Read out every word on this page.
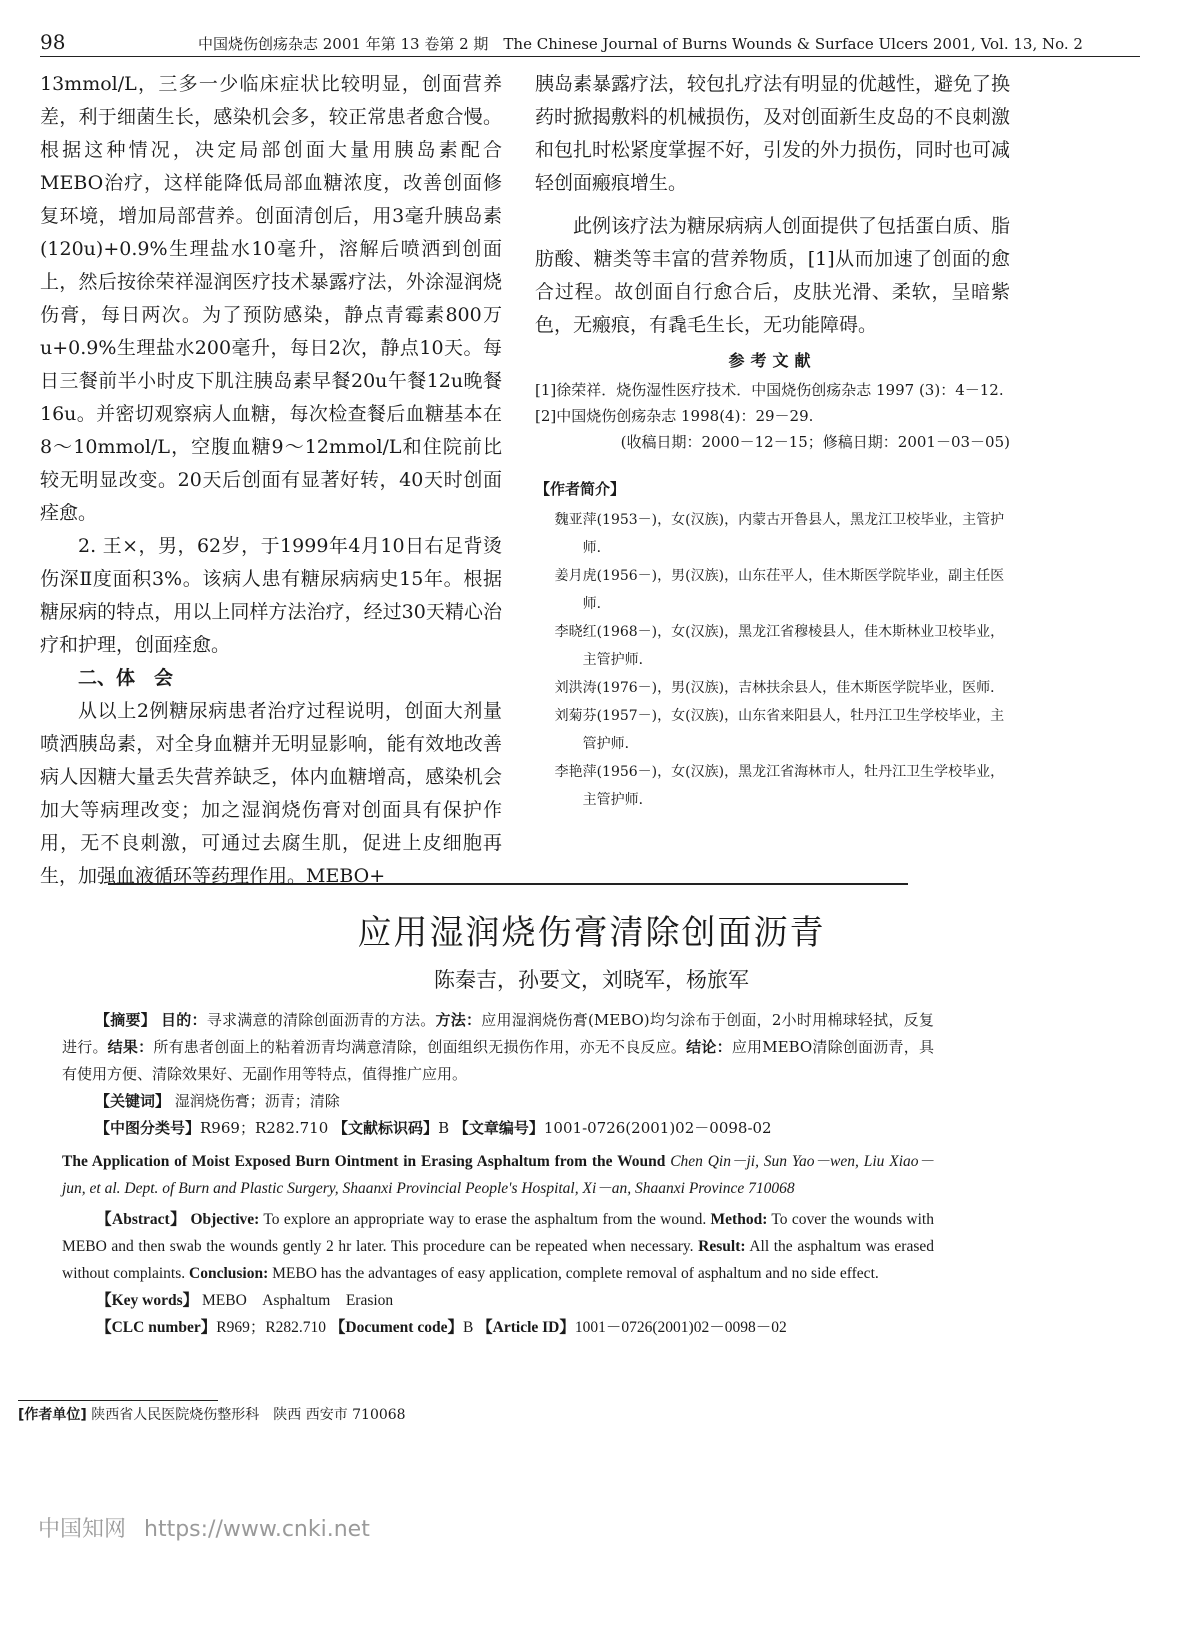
98	中国烧伤创疡杂志 2001 年第 13 卷第 2 期　The Chinese Journal of Burns Wounds & Surface Ulcers 2001, Vol. 13, No. 2

13mmol/L，三多一少临床症状比较明显，创面营养差，利于细菌生长，感染机会多，较正常患者愈合慢。根据这种情况，决定局部创面大量用胰岛素配合MEBO治疗，这样能降低局部血糖浓度，改善创面修复环境，增加局部营养。创面清创后，用3毫升胰岛素(120u)+0.9%生理盐水10毫升，溶解后喷洒到创面上，然后按徐荣祥湿润医疗技术暴露疗法，外涂湿润烧伤膏，每日两次。为了预防感染，静点青霉素800万u+0.9%生理盐水200毫升，每日2次，静点10天。每日三餐前半小时皮下肌注胰岛素早餐20u午餐12u晚餐16u。并密切观察病人血糖，每次检查餐后血糖基本在8～10mmol/L，空腹血糖9～12mmol/L和住院前比较无明显改变。20天后创面有显著好转，40天时创面痊愈。

2. 王×，男，62岁，于1999年4月10日右足背烫伤深Ⅱ度面积3%。该病人患有糖尿病病史15年。根据糖尿病的特点，用以上同样方法治疗，经过30天精心治疗和护理，创面痊愈。

二、体　会

从以上2例糖尿病患者治疗过程说明，创面大剂量喷洒胰岛素，对全身血糖并无明显影响，能有效地改善病人因糖大量丢失营养缺乏，体内血糖增高，感染机会加大等病理改变；加之湿润烧伤膏对创面具有保护作用，无不良刺激，可通过去腐生肌，促进上皮细胞再生，加强血液循环等药理作用。MEBO+

胰岛素暴露疗法，较包扎疗法有明显的优越性，避免了换药时掀揭敷料的机械损伤，及对创面新生皮岛的不良刺激和包扎时松紧度掌握不好，引发的外力损伤，同时也可减轻创面瘢痕增生。

此例该疗法为糖尿病病人创面提供了包括蛋白质、脂肪酸、糖类等丰富的营养物质，[1]从而加速了创面的愈合过程。故创面自行愈合后，皮肤光滑、柔软，呈暗紫色，无瘢痕，有毳毛生长，无功能障碍。

参考文献
[1]徐荣祥．烧伤湿性医疗技术．中国烧伤创疡杂志 1997 (3)：4－12.
[2]中国烧伤创疡杂志 1998(4)：29－29.
(收稿日期：2000－12－15；修稿日期：2001－03－05)
【作者简介】
魏亚萍(1953－)，女(汉族)，内蒙古开鲁县人，黑龙江卫校毕业，主管护师．
姜月虎(1956－)，男(汉族)，山东茌平人，佳木斯医学院毕业，副主任医师．
李晓红(1968－)，女(汉族)，黑龙江省穆棱县人，佳木斯林业卫校毕业，主管护师．
刘洪涛(1976－)，男(汉族)，吉林扶余县人，佳木斯医学院毕业，医师．
刘菊芬(1957－)，女(汉族)，山东省来阳县人，牡丹江卫生学校毕业，主管护师．
李艳萍(1956－)，女(汉族)，黑龙江省海林市人，牡丹江卫生学校毕业，主管护师．
应用湿润烧伤膏清除创面沥青
陈秦吉，孙要文，刘晓军，杨旅军

【摘要】 目的：寻求满意的清除创面沥青的方法。方法：应用湿润烧伤膏(MEBO)均匀涂布于创面，2小时用棉球轻拭，反复进行。结果：所有患者创面上的粘着沥青均满意清除，创面组织无损伤作用，亦无不良反应。结论：应用MEBO清除创面沥青，具有使用方便、清除效果好、无副作用等特点，值得推广应用。

【关键词】 湿润烧伤膏；沥青；清除

【中图分类号】R969；R282.710 【文献标识码】B 【文章编号】1001-0726(2001)02－0098-02

The Application of Moist Exposed Burn Ointment in Erasing Asphaltum from the Wound Chen Qin－ji, Sun Yao－wen, Liu Xiao－jun, et al. Dept. of Burn and Plastic Surgery, Shaanxi Provincial People's Hospital, Xi－an, Shaanxi Province 710068

【Abstract】 Objective: To explore an appropriate way to erase the asphaltum from the wound. Method: To cover the wounds with MEBO and then swab the wounds gently 2 hr later. This procedure can be repeated when necessary. Result: All the asphaltum was erased without complaints. Conclusion: MEBO has the advantages of easy application, complete removal of asphaltum and no side effect.

【Key words】 MEBO　Asphaltum　Erasion

【CLC number】R969；R282.710 【Document code】B 【Article ID】1001－0726(2001)02－0098－02

[作者单位] 陕西省人民医院烧伤整形科　陕西 西安市 710068
中国知网 https://www.cnki.net
